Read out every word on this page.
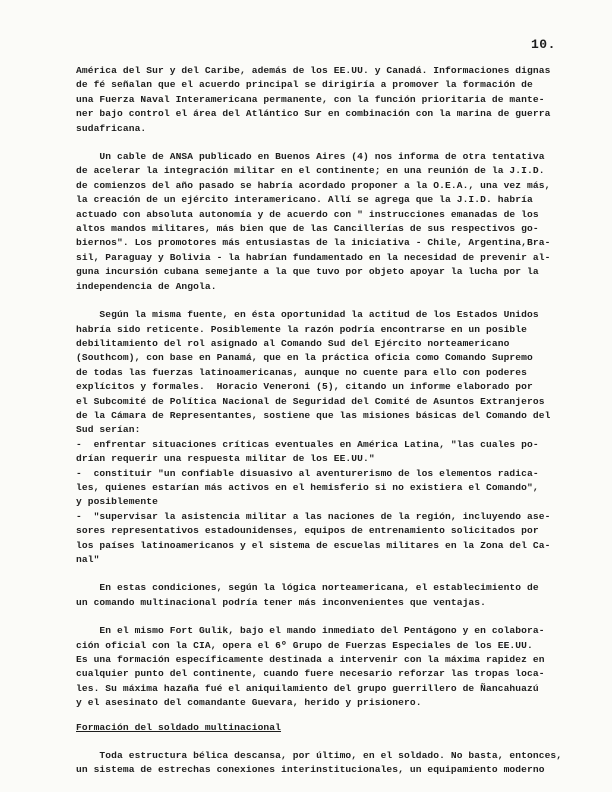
10.

América del Sur y del Caribe, además de los EE.UU. y Canadá. Informaciones dignas
de fé señalan que el acuerdo principal se dirigiría a promover la formación de
una Fuerza Naval Interamericana permanente, con la función prioritaria de mante-
ner bajo control el área del Atlántico Sur en combinación con la marina de guerra
sudafricana.
Un cable de ANSA publicado en Buenos Aires (4) nos informa de otra tentativa
de acelerar la integración militar en el continente; en una reunión de la J.I.D.
de comienzos del año pasado se habría acordado proponer a la O.E.A., una vez más,
la creación de un ejército interamericano. Allí se agrega que la J.I.D. habría
actuado con absoluta autonomía y de acuerdo con " instrucciones emanadas de los
altos mandos militares, más bien que de las Cancillerías de sus respectivos go-
biernos". Los promotores más entusiastas de la iniciativa - Chile, Argentina,Bra-
sil, Paraguay y Bolivia - la habrían fundamentado en la necesidad de prevenir al-
guna incursión cubana semejante a la que tuvo por objeto apoyar la lucha por la
independencia de Angola.
Según la misma fuente, en ésta oportunidad la actitud de los Estados Unidos
habría sido reticente. Posiblemente la razón podría encontrarse en un posible
debilitamiento del rol asignado al Comando Sud del Ejército norteamericano
(Southcom), con base en Panamá, que en la práctica oficia como Comando Supremo
de todas las fuerzas latinoamericanas, aunque no cuente para ello con poderes
explícitos y formales.  Horacio Veneroni (5), citando un informe elaborado por
el Subcomité de Política Nacional de Seguridad del Comité de Asuntos Extranjeros
de la Cámara de Representantes, sostiene que las misiones básicas del Comando del
Sud serían:
-  enfrentar situaciones críticas eventuales en América Latina, "las cuales po-
drían requerir una respuesta militar de los EE.UU."
-  constituir "un confiable disuasivo al aventurerismo de los elementos radica-
les, quienes estarían más activos en el hemisferio si no existiera el Comando",
y posiblemente
-  "supervisar la asistencia militar a las naciones de la región, incluyendo ase-
sores representativos estadounidenses, equipos de entrenamiento solicitados por
los países latinoamericanos y el sistema de escuelas militares en la Zona del Ca-
nal"
En estas condiciones, según la lógica norteamericana, el establecimiento de
un comando multinacional podría tener más inconvenientes que ventajas.
En el mismo Fort Gulik, bajo el mando inmediato del Pentágono y en colabora-
ción oficial con la CIA, opera el 6º Grupo de Fuerzas Especiales de los EE.UU.
Es una formación específicamente destinada a intervenir con la máxima rapidez en
cualquier punto del continente, cuando fuere necesario reforzar las tropas loca-
les. Su máxima hazaña fué el aniquilamiento del grupo guerrillero de Ñancahuazú
y el asesinato del comandante Guevara, herido y prisionero.
Formación del soldado multinacional
Toda estructura bélica descansa, por último, en el soldado. No basta, entonces,
un sistema de estrechas conexiones interinstitucionales, un equipamiento moderno
